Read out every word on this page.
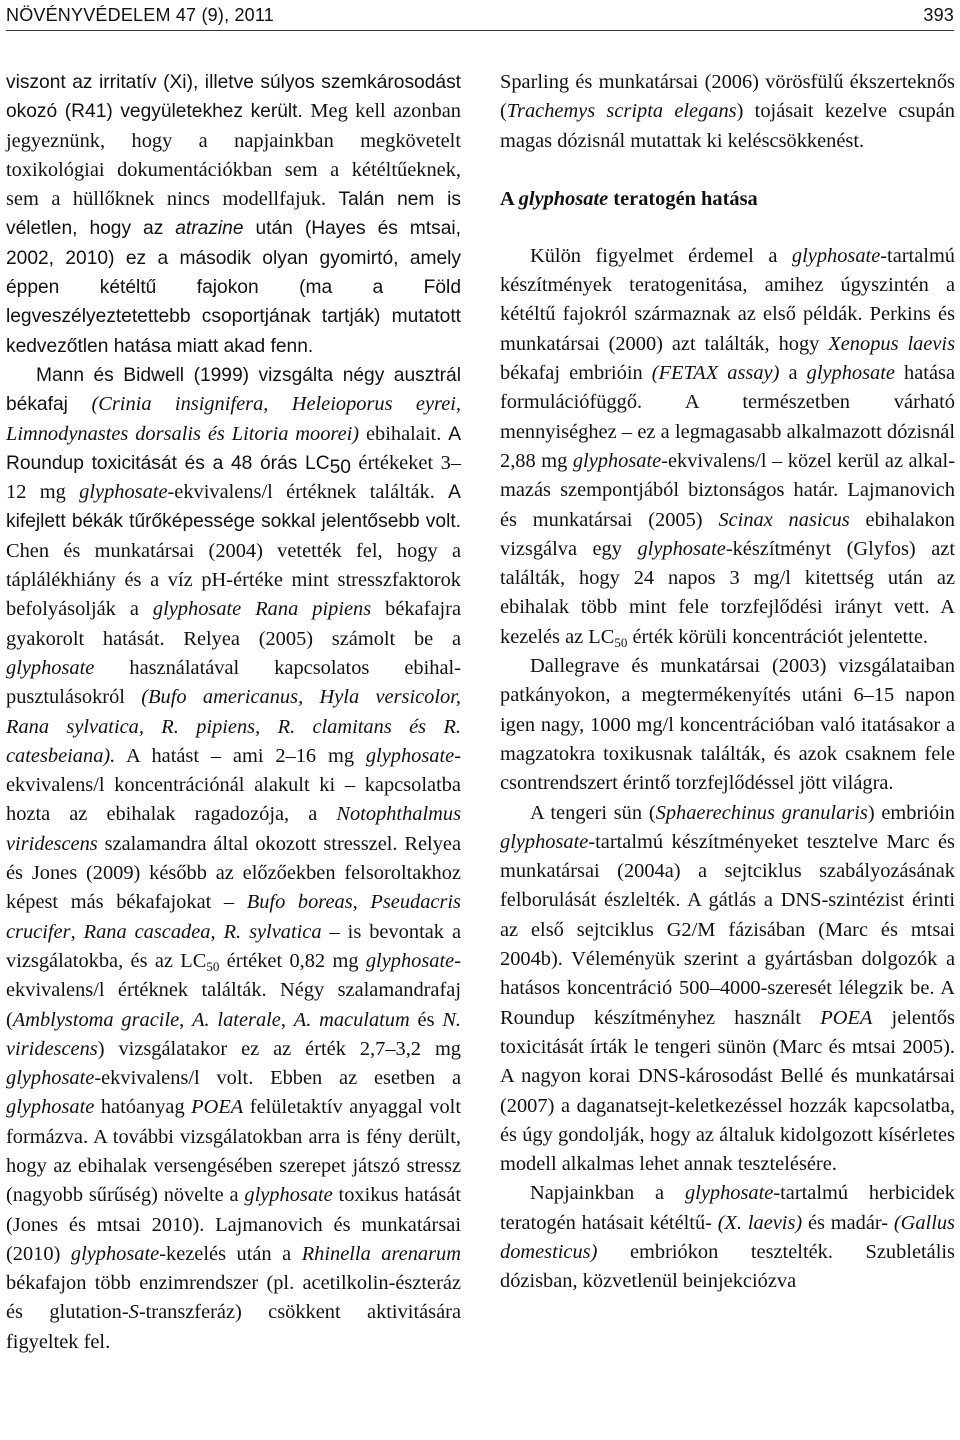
NÖVÉNYVÉDELEM 47 (9), 2011	393

viszont az irritatív (Xi), illetve súlyos szemkárosodást okozó (R41) vegyületekhez került. Meg kell azonban jegyeznünk, hogy a napjainkban megkövetelt toxikológiai dokumentációkban sem a kétéltűeknek, sem a hüllőknek nincs modellfajuk. Talán nem is véletlen, hogy az atrazine után (Hayes és mtsai, 2002, 2010) ez a második olyan gyomirtó, amely éppen kétéltű fajokon (ma a Föld legveszélyeztetettebb csoportjának tartják) mutatott kedvezőtlen hatása miatt akad fenn.

Mann és Bidwell (1999) vizsgálta négy ausztrál békafaj (Crinia insignifera, Heleioporus eyrei, Limnodynastes dorsalis és Litoria moorei) ebihalait. A Roundup toxicitását és a 48 órás $LC_{50}$ értékeket 3–12 mg glyphosate-ekvivalens/l értéknek találták. A kifejlett békák tűrőképessége sokkal jelentősebb volt. Chen és munkatársai (2004) vetették fel, hogy a táplálékhiány és a víz pH-értéke mint stresszfaktorok befolyásolják a glyphosate Rana pipiens békafajra gyakorolt hatását. Relyea (2005) számolt be a glyphosate használatával kapcsolatos ebihal-pusztulásokról (Bufo americanus, Hyla versicolor, Rana sylvatica, R. pipiens, R. clamitans és R. catesbeiana). A hatást – ami 2–16 mg glyphosate-ekvivalens/l koncentrációnál alakult ki – kapcsolatba hozta az ebihalak ragadozója, a Notophthalmus viridescens szalamandra által okozott stresszel. Relyea és Jones (2009) később az előzőekben felsoroltakhoz képest más békafajokat – Bufo boreas, Pseudacris crucifer, Rana cascadea, R. sylvatica – is bevontak a vizsgálatokba, és az $LC_{50}$ értéket 0,82 mg glyphosate-ekvivalens/l értéknek találták. Négy szalamandrafaj (Amblystoma gracile, A. laterale, A. maculatum és N. viridescens) vizsgálatakor ez az érték 2,7–3,2 mg glyphosate-ekvivalens/l volt. Ebben az esetben a glyphosate hatóanyag POEA felületaktív anyaggal volt formázva. A további vizsgálatokban arra is fény derült, hogy az ebihalak versengésében szerepet játszó stressz (nagyobb sűrűség) növelte a glyphosate toxikus hatását (Jones és mtsai 2010). Lajmanovich és munkatársai (2010) glyphosate-kezelés után a Rhinella arenarum békafajon több enzimrendszer (pl. acetilkolin-észteráz és glutation-S-transzferáz) csökkent aktivitására figyeltek fel.

Sparling és munkatársai (2006) vörösfülű ékszerteknős (Trachemys scripta elegans) tojásait kezelve csupán magas dózisnál mutattak ki keléscsökkenést.

A glyphosate teratogén hatása

Külön figyelmet érdemel a glyphosate-tartalmú készítmények teratogenitása, amihez úgyszintén a kétéltű fajokról származnak az első példák. Perkins és munkatársai (2000) azt találták, hogy Xenopus laevis békafaj embrióin (FETAX assay) a glyphosate hatása formulációfüggő. A természetben várható mennyiséghez – ez a legmagasabb alkalmazott dózisnál 2,88 mg glyphosate-ekvivalens/l – közel kerül az alkalmazás szempontjából biztonságos határ. Lajmanovich és munkatársai (2005) Scinax nasicus ebihalakon vizsgálva egy glyphosate-készítményt (Glyfos) azt találták, hogy 24 napos 3 mg/l kitettség után az ebihalak több mint fele torzfejlődési irányt vett. A kezelés az $LC_{50}$ érték körüli koncentrációt jelentette.

Dallegrave és munkatársai (2003) vizsgálataiban patkányokon, a megtermékenyítés utáni 6–15 napon igen nagy, 1000 mg/l koncentrációban való itatásakor a magzatokra toxikusnak találták, és azok csaknem fele csontrendszert érintő torzfejlődéssel jött világra.

A tengeri sün (Sphaerechinus granularis) embrióin glyphosate-tartalmú készítményeket tesztelve Marc és munkatársai (2004a) a sejtciklus szabályozásának felborulását észlelték. A gátlás a DNS-szintézist érinti az első sejtciklus G2/M fázisában (Marc és mtsai 2004b). Véleményük szerint a gyártásban dolgozók a hatásos koncentráció 500–4000-szeresét lélegzik be. A Roundup készítményhez használt POEA jelentős toxicitását írták le tengeri sünön (Marc és mtsai 2005). A nagyon korai DNS-károsodást Bellé és munkatársai (2007) a daganatsejt-keletkezéssel hozzák kapcsolatba, és úgy gondolják, hogy az általuk kidolgozott kísérletes modell alkalmas lehet annak tesztelésére.

Napjainkban a glyphosate-tartalmú herbicidek teratogén hatásait kétéltű- (X. laevis) és madár- (Gallus domesticus) embriókon tesztelték. Szubletális dózisban, közvetlenül beinjekciózva
